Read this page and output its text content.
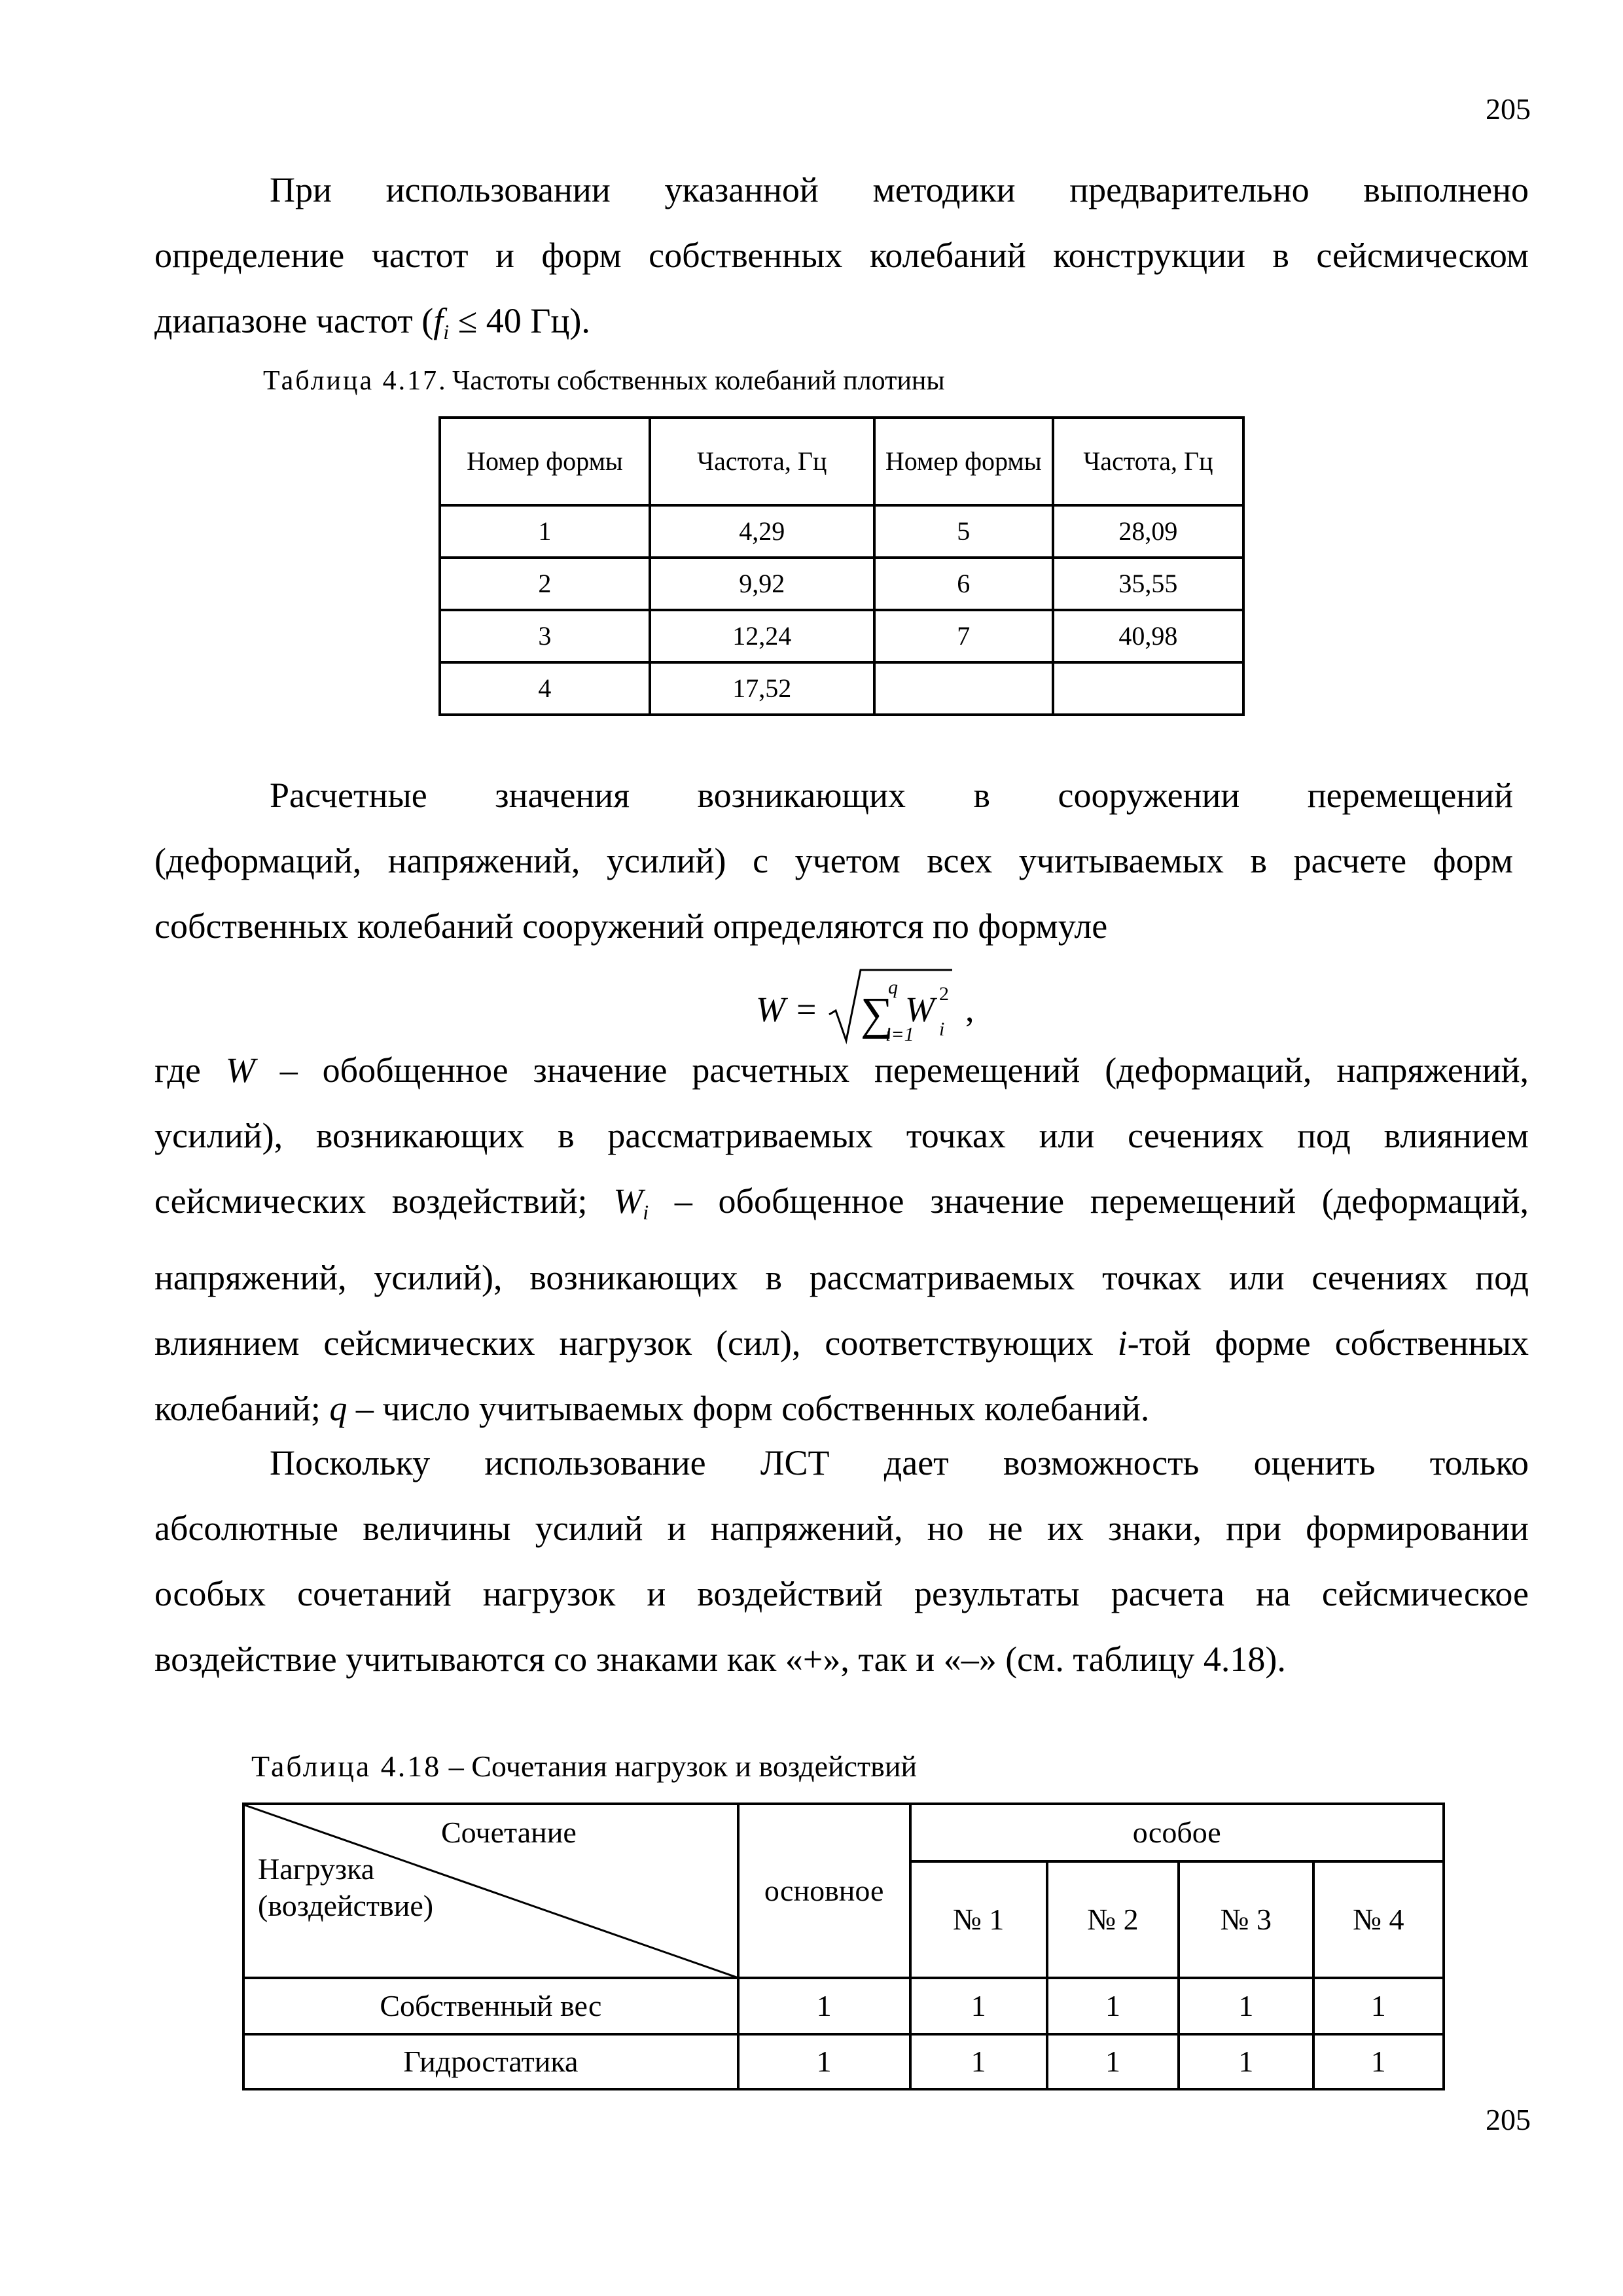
205

При использовании указанной методики предварительно выполнено

определение частот и форм собственных колебаний конструкции в сейсмическом

диапазоне частот ($f_i \le 40$ Гц).
Таблица 4.17. Частоты собственных колебаний плотины
Номер формы	Частота, Гц	Номер формы	Частота, Гц
1	4,29	5	28,09
2	9,92	6	35,55
3	12,24	7	40,98
4	17,52		

Расчетные значения возникающих в сооружении перемещений

(деформаций, напряжений, усилий) с учетом всех учитываемых в расчете форм

собственных колебаний сооружений определяются по формуле

W = ∑
q
i=1
W 2
i
,

где W – обобщенное значение расчетных перемещений (деформаций, напряжений,

усилий), возникающих в рассматриваемых точках или сечениях под влиянием

сейсмических воздействий; $W_i$ – обобщенное значение перемещений (деформаций,

напряжений, усилий), возникающих в рассматриваемых точках или сечениях под

влиянием сейсмических нагрузок (сил), соответствующих i-той форме собственных

колебаний; q – число учитываемых форм собственных колебаний.

Поскольку использование ЛСТ дает возможность оценить только

абсолютные величины усилий и напряжений, но не их знаки, при формировании

особых сочетаний нагрузок и воздействий результаты расчета на сейсмическое

воздействие учитываются со знаками как «+», так и «–» (см. таблицу 4.18).

Таблица 4.18 – Сочетания нагрузок и воздействий
Сочетание
Нагрузка
(воздействие)	основное	особое			
		№ 1	№ 2	№ 3	№ 4
Собственный вес	1	1	1	1	1
Гидростатика	1	1	1	1	1
205
